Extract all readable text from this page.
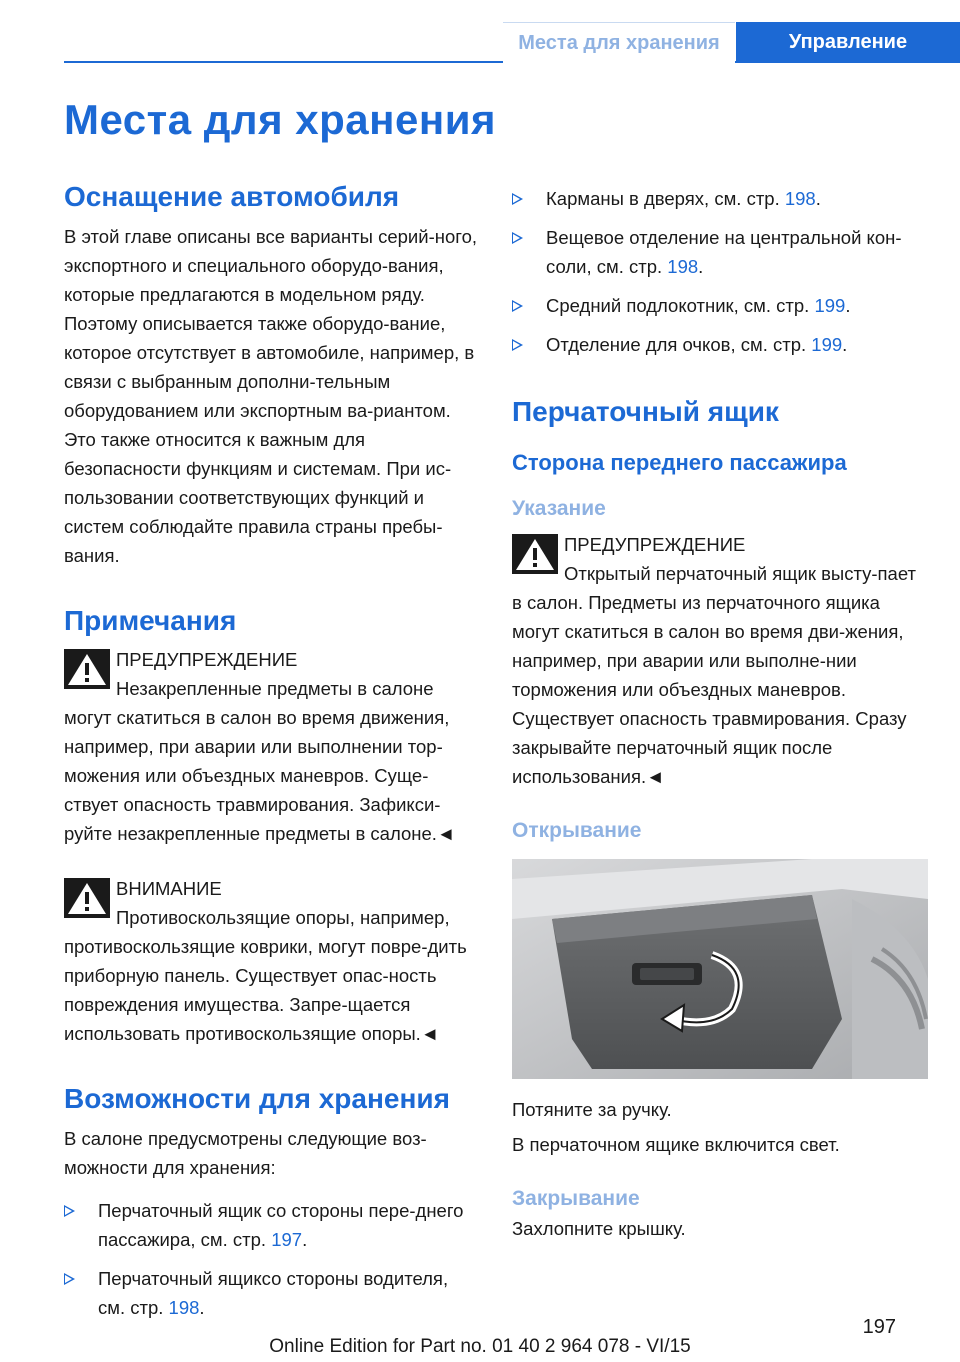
Места для хранения	Управление
Места для хранения
Оснащение автомобиля

В этой главе описаны все варианты серий-ного, экспортного и специального оборудо-вания, которые предлагаются в модельном ряду. Поэтому описывается также оборудо-вание, которое отсутствует в автомобиле, например, в связи с выбранным дополни-тельным оборудованием или экспортным ва-риантом. Это также относится к важным для безопасности функциям и системам. При ис-пользовании соответствующих функций и систем соблюдайте правила страны пребы-вания.

Примечания
ПРЕДУПРЕЖДЕНИЕ

Незакрепленные предметы в салоне могут скатиться в салон во время движения, например, при аварии или выполнении тор-можения или объездных маневров. Суще-ствует опасность травмирования. Зафикси-руйте незакрепленные предметы в салоне.◄

ВНИМАНИЕ

Противоскользящие опоры, например, противоскользящие коврики, могут повре-дить приборную панель. Существует опас-ность повреждения имущества. Запре-щается использовать противоскользящие опоры.◄

Возможности для хранения

В салоне предусмотрены следующие воз-можности для хранения:

Перчаточный ящик со стороны пере-днего пассажира, см. стр. 197.
Перчаточный ящиксо стороны водителя, см. стр. 198.
Карманы в дверях, см. стр. 198.
Вещевое отделение на центральной кон-соли, см. стр. 198.
Средний подлокотник, см. стр. 199.
Отделение для очков, см. стр. 199.
Перчаточный ящик
Сторона переднего пассажира
Указание
ПРЕДУПРЕЖДЕНИЕ

Открытый перчаточный ящик высту-пает в салон. Предметы из перчаточного ящика могут скатиться в салон во время дви-жения, например, при аварии или выполне-нии торможения или объездных маневров. Существует опасность травмирования. Сразу закрывайте перчаточный ящик после использования.◄

Открывание

Потяните за ручку.

В перчаточном ящике включится свет.

Закрывание

Захлопните крышку.

197
Online Edition for Part no. 01 40 2 964 078 - VI/15
